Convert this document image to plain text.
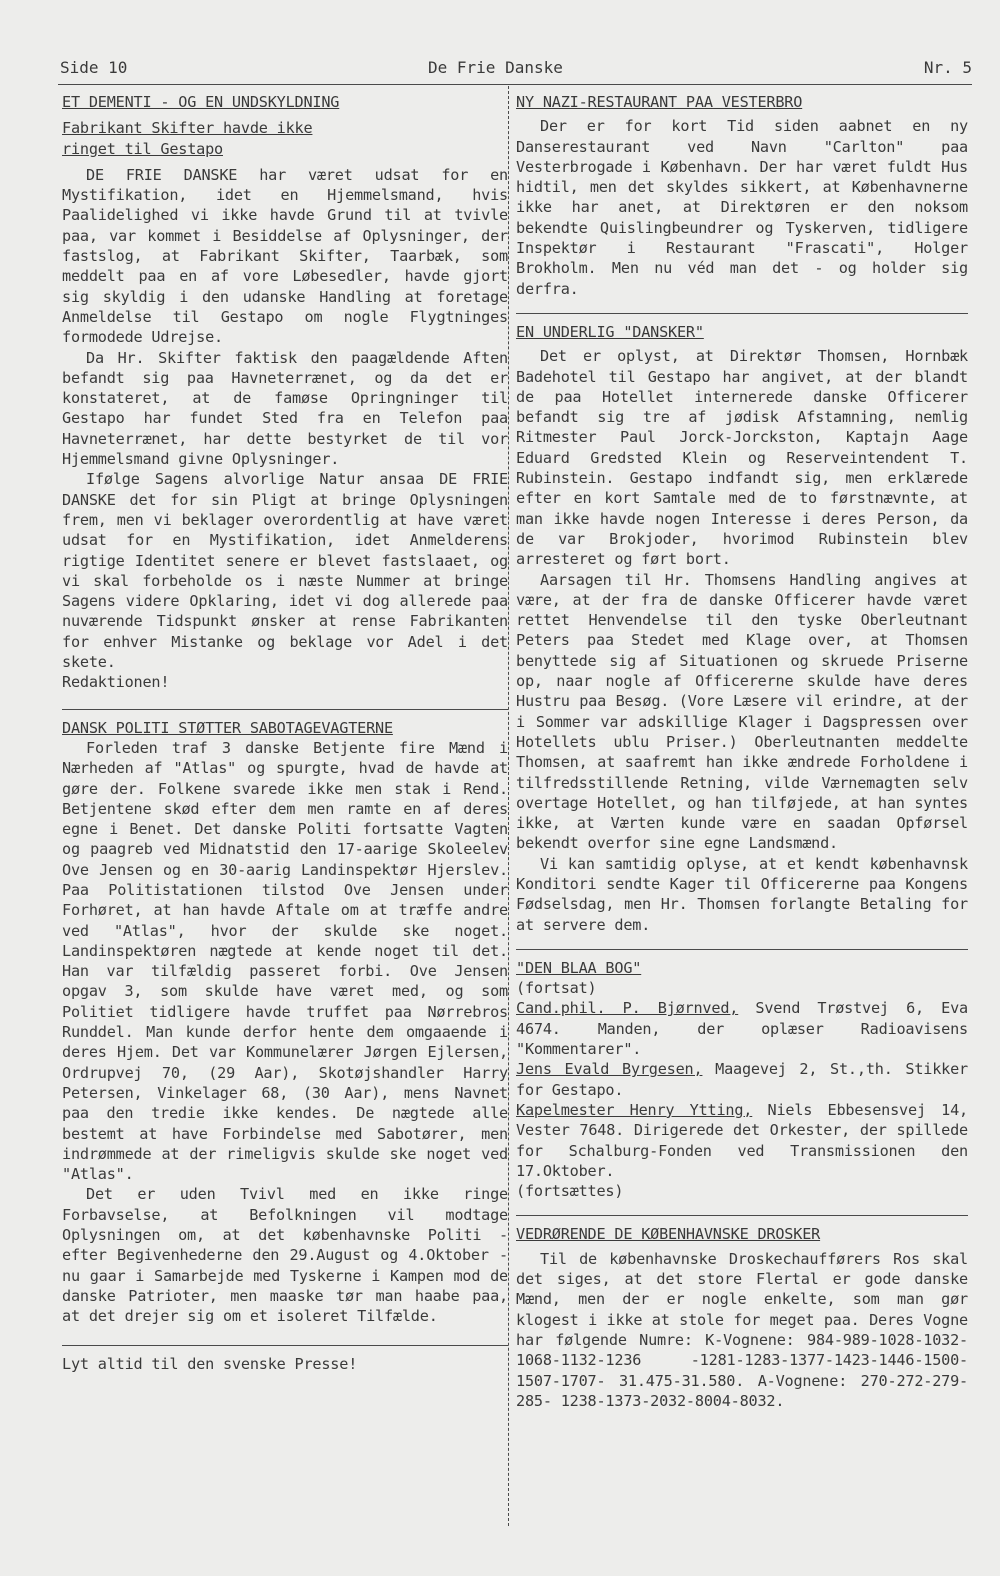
Side 10	De Frie Danske	Nr. 5

ET DEMENTI - OG EN UNDSKYLDNING

Fabrikant Skifter havde ikke

ringet til Gestapo

DE FRIE DANSKE har været udsat for en Mystifikation, idet en Hjemmelsmand, hvis Paalidelighed vi ikke havde Grund til at tvivle paa, var kommet i Besiddelse af Oplysninger, der fastslog, at Fabrikant Skifter, Taarbæk, som meddelt paa en af vore Løbesedler, havde gjort sig skyldig i den udanske Handling at foretage Anmeldelse til Gestapo om nogle Flygtninges formodede Udrejse.

Da Hr. Skifter faktisk den paagældende Aften befandt sig paa Havneterrænet, og da det er konstateret, at de famøse Opringninger til Gestapo har fundet Sted fra en Telefon paa Havneterrænet, har dette bestyrket de til vor Hjemmelsmand givne Oplysninger.

Ifølge Sagens alvorlige Natur ansaa DE FRIE DANSKE det for sin Pligt at bringe Oplysningen frem, men vi beklager overordentlig at have været udsat for en Mystifikation, idet Anmelderens rigtige Identitet senere er blevet fastslaaet, og vi skal forbeholde os i næste Nummer at bringe Sagens videre Opklaring, idet vi dog allerede paa nuværende Tidspunkt ønsker at rense Fabrikanten for enhver Mistanke og beklage vor Adel i det skete.

Redaktionen!

DANSK POLITI STØTTER SABOTAGEVAGTERNE

Forleden traf 3 danske Betjente fire Mænd i Nærheden af "Atlas" og spurgte, hvad de havde at gøre der. Folkene svarede ikke men stak i Rend. Betjentene skød efter dem men ramte en af deres egne i Benet. Det danske Politi fortsatte Vagten og paagreb ved Midnatstid den 17-aarige Skoleelev Ove Jensen og en 30-aarig Landinspektør Hjerslev. Paa Politistationen tilstod Ove Jensen under Forhøret, at han havde Aftale om at træffe andre ved "Atlas", hvor der skulde ske noget. Landinspektøren nægtede at kende noget til det. Han var tilfældig passeret forbi. Ove Jensen opgav 3, som skulde have været med, og som Politiet tidligere havde truffet paa Nørrebros Runddel. Man kunde derfor hente dem omgaaende i deres Hjem. Det var Kommunelærer Jørgen Ejlersen, Ordrupvej 70, (29 Aar), Skotøjshandler Harry Petersen, Vinkelager 68, (30 Aar), mens Navnet paa den tredie ikke kendes. De nægtede alle bestemt at have Forbindelse med Sabotører, men indrømmede at der rimeligvis skulde ske noget ved "Atlas".

Det er uden Tvivl med en ikke ringe Forbavselse, at Befolkningen vil modtage Oplysningen om, at det københavnske Politi - efter Begivenhederne den 29.August og 4.Oktober - nu gaar i Samarbejde med Tyskerne i Kampen mod de danske Patrioter, men maaske tør man haabe paa, at det drejer sig om et isoleret Tilfælde.

Lyt altid til den svenske Presse!

NY NAZI-RESTAURANT PAA VESTERBRO

Der er for kort Tid siden aabnet en ny Danserestaurant ved Navn "Carlton" paa Vesterbrogade i København. Der har været fuldt Hus hidtil, men det skyldes sikkert, at Københavnerne ikke har anet, at Direktøren er den noksom bekendte Quislingbeundrer og Tyskerven, tidligere Inspektør i Restaurant "Frascati", Holger Brokholm. Men nu véd man det - og holder sig derfra.

EN UNDERLIG "DANSKER"

Det er oplyst, at Direktør Thomsen, Hornbæk Badehotel til Gestapo har angivet, at der blandt de paa Hotellet internerede danske Officerer befandt sig tre af jødisk Afstamning, nemlig Ritmester Paul Jorck-Jorckston, Kaptajn Aage Eduard Gredsted Klein og Reserveintendent T. Rubinstein. Gestapo indfandt sig, men erklærede efter en kort Samtale med de to førstnævnte, at man ikke havde nogen Interesse i deres Person, da de var Brokjoder, hvorimod Rubinstein blev arresteret og ført bort.

Aarsagen til Hr. Thomsens Handling angives at være, at der fra de danske Officerer havde været rettet Henvendelse til den tyske Oberleutnant Peters paa Stedet med Klage over, at Thomsen benyttede sig af Situationen og skruede Priserne op, naar nogle af Officererne skulde have deres Hustru paa Besøg. (Vore Læsere vil erindre, at der i Sommer var adskillige Klager i Dagspressen over Hotellets ublu Priser.) Oberleutnanten meddelte Thomsen, at saafremt han ikke ændrede Forholdene i tilfredsstillende Retning, vilde Værnemagten selv overtage Hotellet, og han tilføjede, at han syntes ikke, at Værten kunde være en saadan Opførsel bekendt overfor sine egne Landsmænd.

Vi kan samtidig oplyse, at et kendt københavnsk Konditori sendte Kager til Officererne paa Kongens Fødselsdag, men Hr. Thomsen forlangte Betaling for at servere dem.

"DEN BLAA BOG"

(fortsat)

Cand.phil. P. Bjørnved, Svend Trøstvej 6, Eva 4674. Manden, der oplæser Radioavisens "Kommentarer".

Jens Evald Byrgesen, Maagevej 2, St.,th. Stikker for Gestapo.

Kapelmester Henry Ytting, Niels Ebbesensvej 14, Vester 7648. Dirigerede det Orkester, der spillede for Schalburg-Fonden ved Transmissionen den 17.Oktober.

(fortsættes)

VEDRØRENDE DE KØBENHAVNSKE DROSKER

Til de københavnske Droskechaufførers Ros skal det siges, at det store Flertal er gode danske Mænd, men der er nogle enkelte, som man gør klogest i ikke at stole for meget paa. Deres Vogne har følgende Numre: K-Vognene: 984-989-1028-1032-1068-1132-1236 -1281-1283-1377-1423-1446-1500-1507-1707- 31.475-31.580. A-Vognene: 270-272-279-285- 1238-1373-2032-8004-8032.
